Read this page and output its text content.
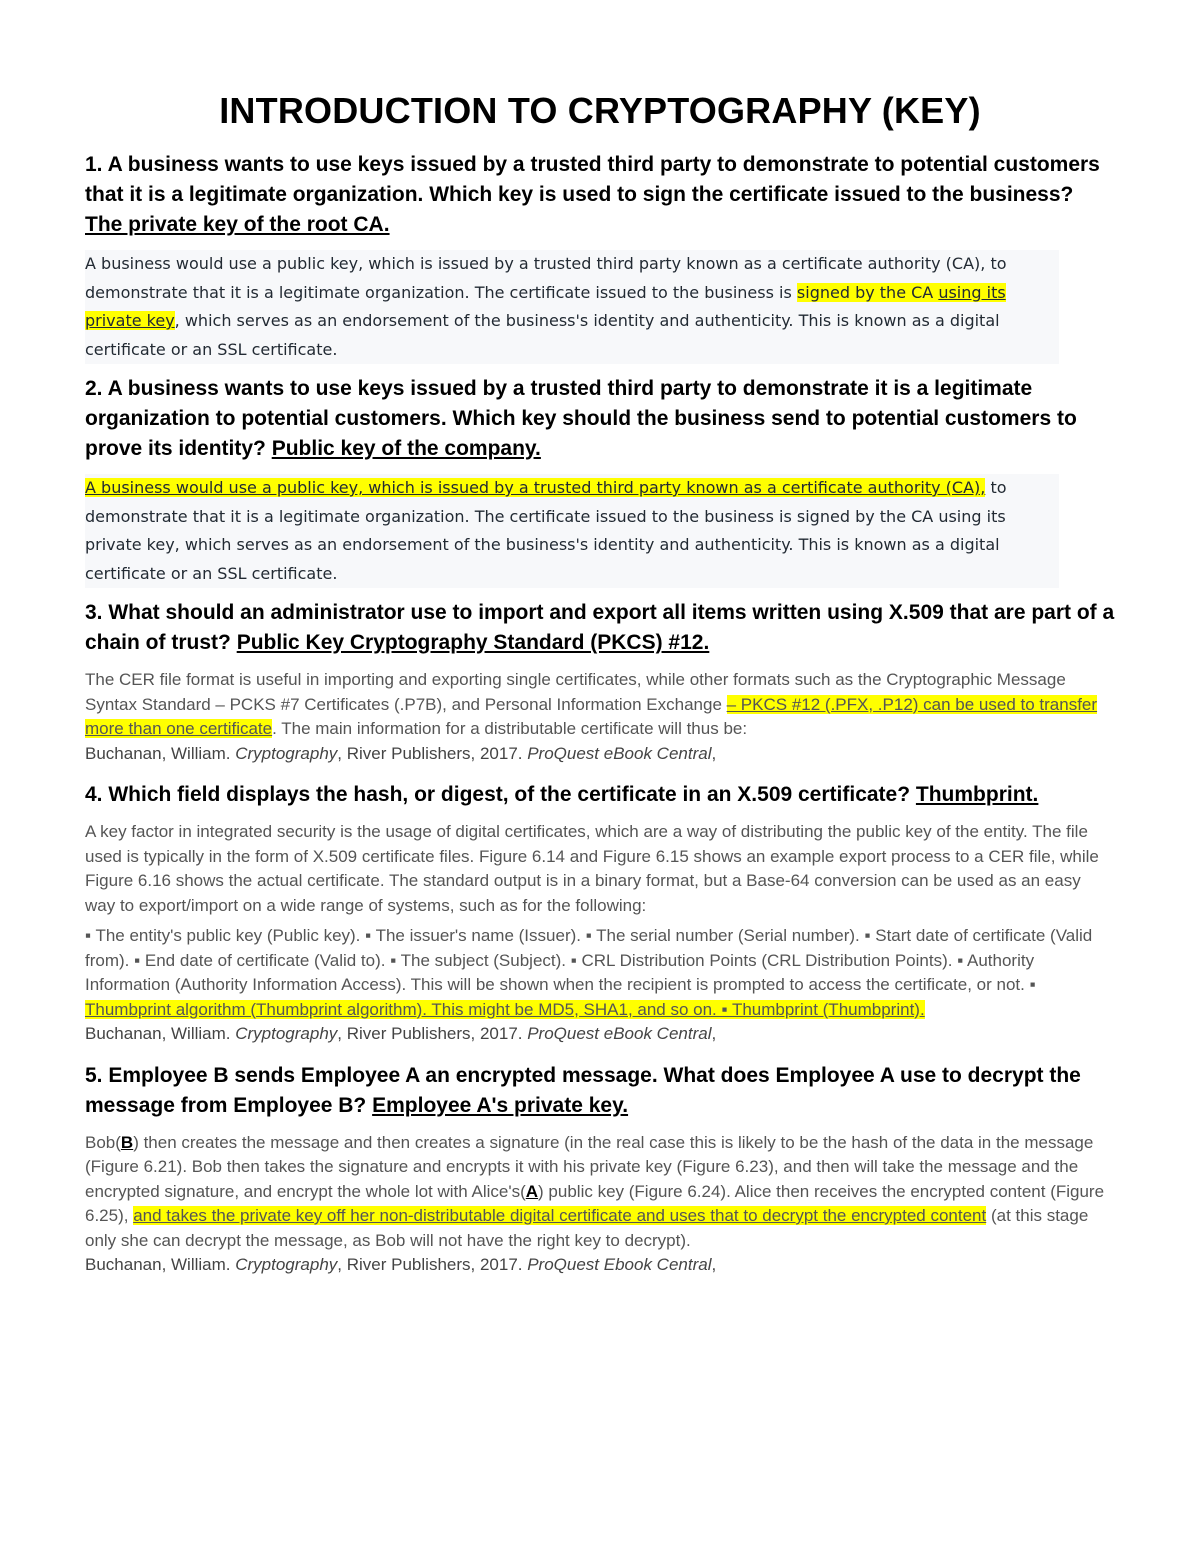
INTRODUCTION TO CRYPTOGRAPHY (KEY)

1. A business wants to use keys issued by a trusted third party to demonstrate to potential customers that it is a legitimate organization. Which key is used to sign the certificate issued to the business? The private key of the root CA.

A business would use a public key, which is issued by a trusted third party known as a certificate authority (CA), to demonstrate that it is a legitimate organization. The certificate issued to the business is signed by the CA using its private key, which serves as an endorsement of the business's identity and authenticity. This is known as a digital certificate or an SSL certificate.

2. A business wants to use keys issued by a trusted third party to demonstrate it is a legitimate organization to potential customers. Which key should the business send to potential customers to prove its identity? Public key of the company.

A business would use a public key, which is issued by a trusted third party known as a certificate authority (CA), to demonstrate that it is a legitimate organization. The certificate issued to the business is signed by the CA using its private key, which serves as an endorsement of the business's identity and authenticity. This is known as a digital certificate or an SSL certificate.

3. What should an administrator use to import and export all items written using X.509 that are part of a chain of trust? Public Key Cryptography Standard (PKCS) #12.

The CER file format is useful in importing and exporting single certificates, while other formats such as the Cryptographic Message Syntax Standard – PCKS #7 Certificates (.P7B), and Personal Information Exchange – PKCS #12 (.PFX, .P12) can be used to transfer more than one certificate. The main information for a distributable certificate will thus be:
Buchanan, William. Cryptography, River Publishers, 2017. ProQuest eBook Central,

4. Which field displays the hash, or digest, of the certificate in an X.509 certificate? Thumbprint.

A key factor in integrated security is the usage of digital certificates, which are a way of distributing the public key of the entity. The file used is typically in the form of X.509 certificate files. Figure 6.14 and Figure 6.15 shows an example export process to a CER file, while Figure 6.16 shows the actual certificate. The standard output is in a binary format, but a Base-64 conversion can be used as an easy way to export/import on a wide range of systems, such as for the following:

▪ The entity's public key (Public key). ▪ The issuer's name (Issuer). ▪ The serial number (Serial number). ▪ Start date of certificate (Valid from). ▪ End date of certificate (Valid to). ▪ The subject (Subject). ▪ CRL Distribution Points (CRL Distribution Points). ▪ Authority Information (Authority Information Access). This will be shown when the recipient is prompted to access the certificate, or not. ▪ Thumbprint algorithm (Thumbprint algorithm). This might be MD5, SHA1, and so on. ▪ Thumbprint (Thumbprint).
Buchanan, William. Cryptography, River Publishers, 2017. ProQuest eBook Central,

5. Employee B sends Employee A an encrypted message. What does Employee A use to decrypt the message from Employee B? Employee A's private key.

Bob(B) then creates the message and then creates a signature (in the real case this is likely to be the hash of the data in the message (Figure 6.21). Bob then takes the signature and encrypts it with his private key (Figure 6.23), and then will take the message and the encrypted signature, and encrypt the whole lot with Alice's(A) public key (Figure 6.24). Alice then receives the encrypted content (Figure 6.25), and takes the private key off her non-distributable digital certificate and uses that to decrypt the encrypted content (at this stage only she can decrypt the message, as Bob will not have the right key to decrypt).
Buchanan, William. Cryptography, River Publishers, 2017. ProQuest Ebook Central,
